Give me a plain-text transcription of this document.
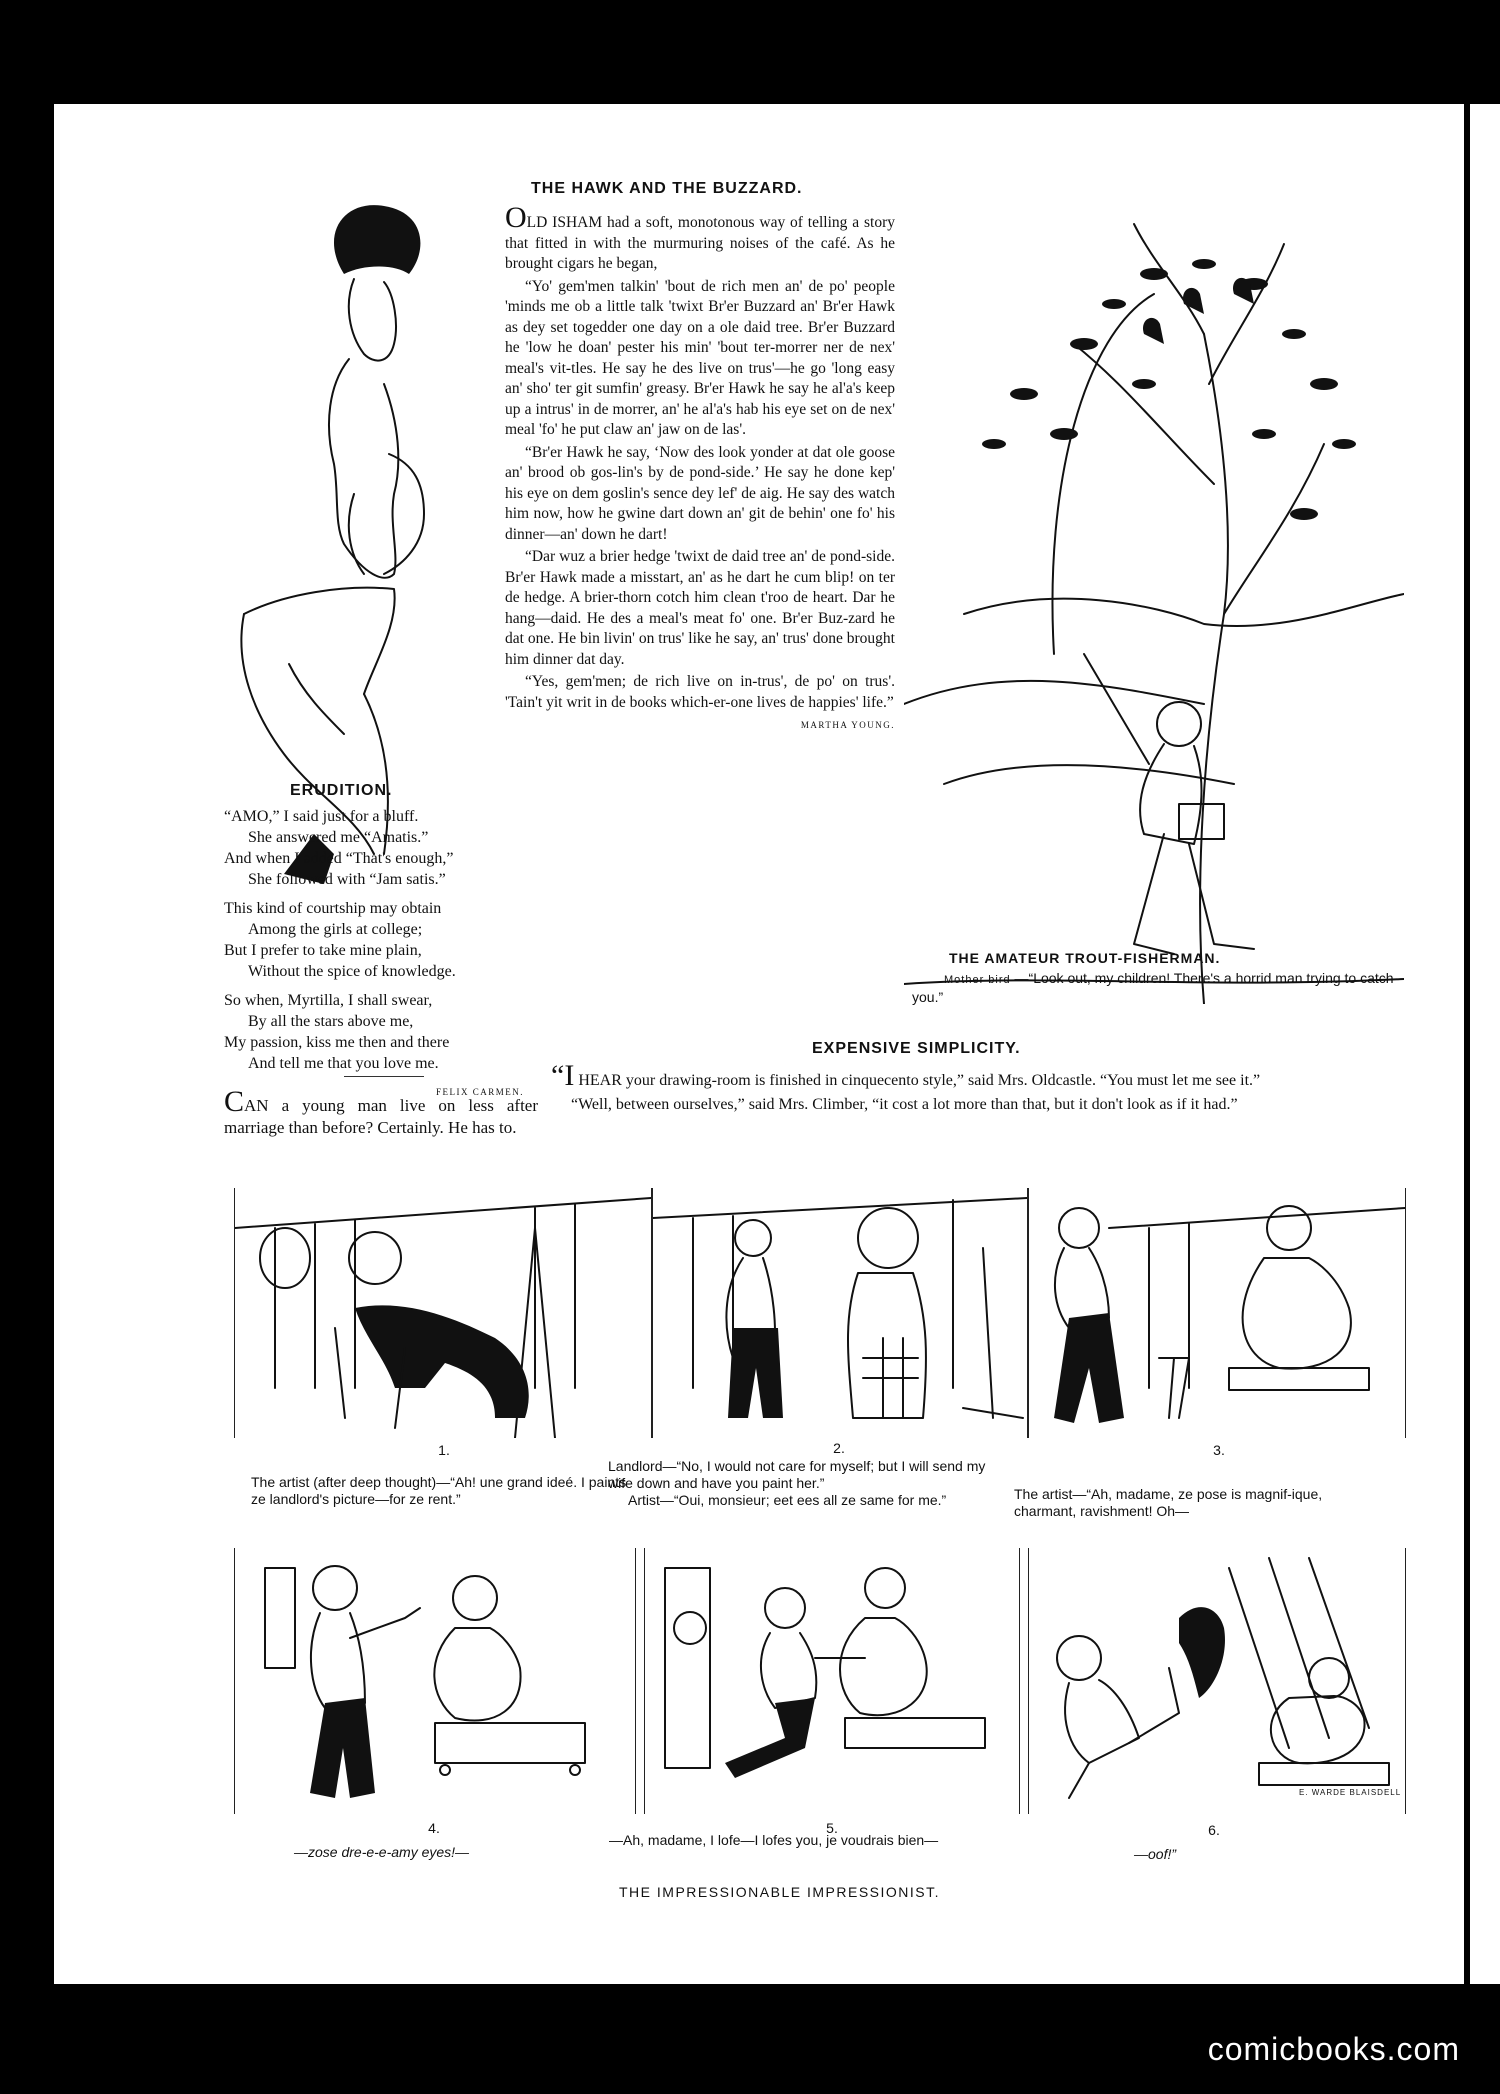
ERUDITION.
“AMO,” I said just for a bluff.
She answered me “Amatis.”
And when I added “That's enough,”
She followed with “Jam satis.”
This kind of courtship may obtain
Among the girls at college;
But I prefer to take mine plain,
Without the spice of knowledge.
So when, Myrtilla, I shall swear,
By all the stars above me,
My passion, kiss me then and there
And tell me that you love me.
FELIX CARMEN.
CAN a young man live on less after marriage than before? Certainly. He has to.
THE HAWK AND THE BUZZARD.

OLD ISHAM had a soft, monotonous way of telling a story that fitted in with the murmuring noises of the café. As he brought cigars he began,

“Yo' gem'men talkin' 'bout de rich men an' de po' people 'minds me ob a little talk 'twixt Br'er Buzzard an' Br'er Hawk as dey set togedder one day on a ole daid tree. Br'er Buzzard he 'low he doan' pester his min' 'bout ter-morrer ner de nex' meal's vit-tles. He say he des live on trus'—he go 'long easy an' sho' ter git sumfin' greasy. Br'er Hawk he say he al'a's keep up a intrus' in de morrer, an' he al'a's hab his eye set on de nex' meal 'fo' he put claw an' jaw on de las'.

“Br'er Hawk he say, ‘Now des look yonder at dat ole goose an' brood ob gos-lin's by de pond-side.’ He say he done kep' his eye on dem goslin's sence dey lef' de aig. He say des watch him now, how he gwine dart down an' git de behin' one fo' his dinner—an' down he dart!

“Dar wuz a brier hedge 'twixt de daid tree an' de pond-side. Br'er Hawk made a misstart, an' as he dart he cum blip! on ter de hedge. A brier-thorn cotch him clean t'roo de heart. Dar he hang—daid. He des a meal's meat fo' one. Br'er Buz-zard he dat one. He bin livin' on trus' like he say, an' trus' done brought him dinner dat day.

“Yes, gem'men; de rich live on in-trus', de po' on trus'. 'Tain't yit writ in de books which-er-one lives de happies' life.”

MARTHA YOUNG.
THE AMATEUR TROUT-FISHERMAN.
Mother bird —“Look out, my children! There's a horrid man trying to catch you.”
EXPENSIVE SIMPLICITY.

“I HEAR your drawing-room is finished in cinquecento style,” said Mrs. Oldcastle. “You must let me see it.”

“Well, between ourselves,” said Mrs. Climber, “it cost a lot more than that, but it don't look as if it had.”

1.	2.	3.
The artist (after deep thought)—“Ah! une grand ideé. I paints ze landlord's picture—for ze rent.”
Landlord—“No, I would not care for myself; but I will send my wife down and have you paint her.”
Artist—“Oui, monsieur; eet ees all ze same for me.”	The artist—“Ah, madame, ze pose is magnif-ique, charmant, ravishment! Oh—
E. WARDE BLAISDELL
4.	5.	6.
—zose dre-e-e-amy eyes!—
—Ah, madame, I lofe—I lofes you, je voudrais bien—
—oof!”
THE IMPRESSIONABLE IMPRESSIONIST.
comicbooks.com
